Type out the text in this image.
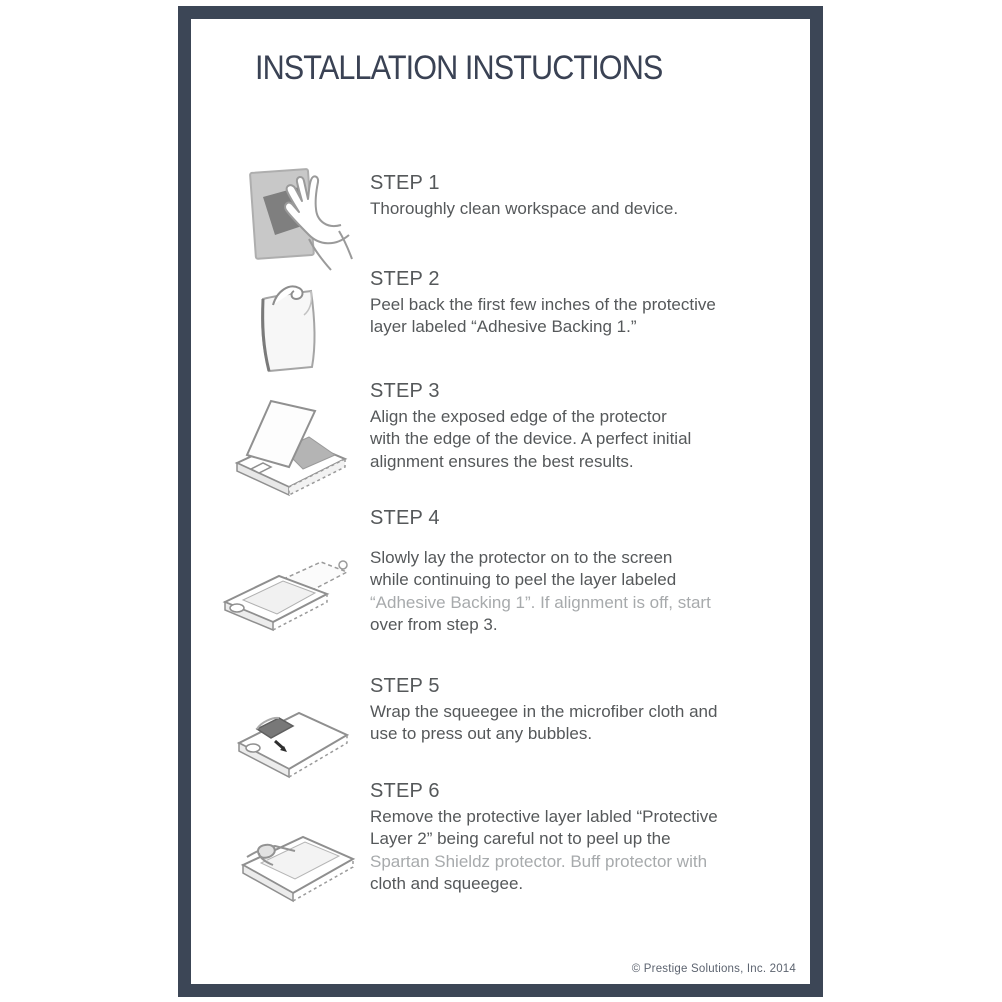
INSTALLATION INSTUCTIONS
STEP 1

Thoroughly clean workspace and device.

STEP 2

Peel back the first few inches of the protective

layer labeled “Adhesive Backing 1.”

STEP 3

Align the exposed edge of the protector

with the edge of the device. A perfect initial

alignment ensures the best results.

STEP 4

Slowly lay the protector on to the screen

while continuing to peel the layer labeled

“Adhesive Backing 1”. If alignment is off, start

over from step 3.

STEP 5

Wrap the squeegee in the microfiber cloth and

use to press out any bubbles.

STEP 6

Remove the protective layer labled “Protective

Layer 2” being careful not to peel up the

Spartan Shieldz protector. Buff protector with

cloth and squeegee.

© Prestige Solutions, Inc. 2014
